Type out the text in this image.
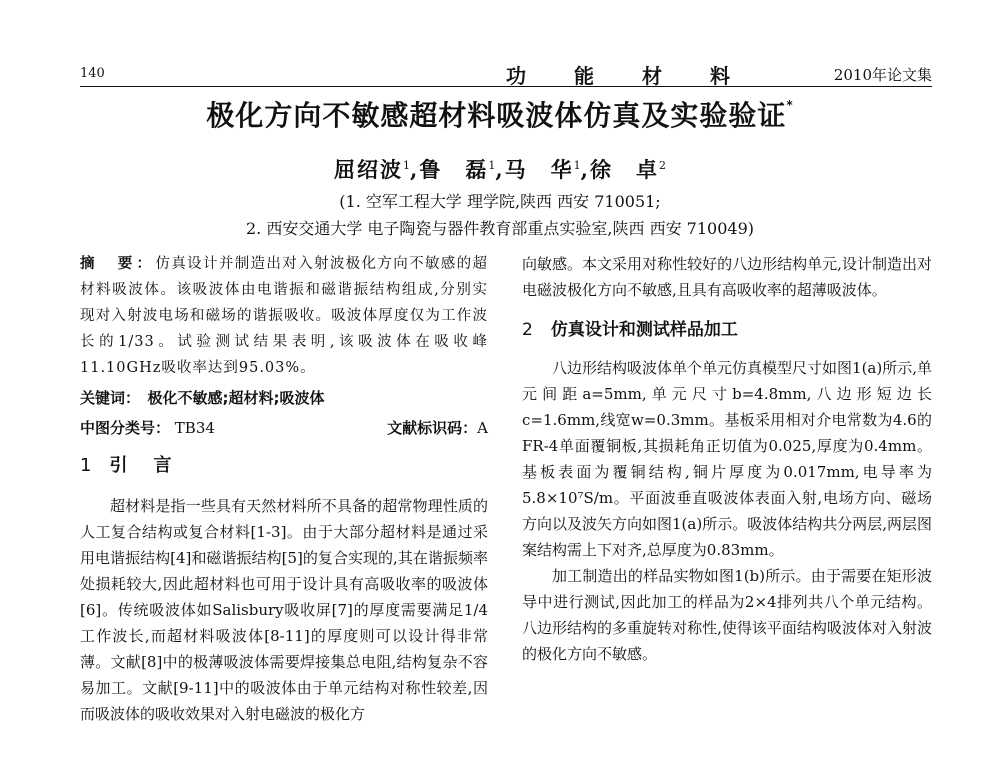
140	功能材料	2010年论文集
极化方向不敏感超材料吸波体仿真及实验验证*
屈绍波$^1$,鲁　磊$^1$,马　华$^1$,徐　卓$^2$
(1. 空军工程大学 理学院,陕西 西安 710051;
2. 西安交通大学 电子陶瓷与器件教育部重点实验室,陕西 西安 710049)

摘　要：仿真设计并制造出对入射波极化方向不敏感的超材料吸波体。该吸波体由电谐振和磁谐振结构组成,分别实现对入射波电场和磁场的谐振吸收。吸波体厚度仅为工作波长的1/33。试验测试结果表明,该吸波体在吸收峰11.10GHz吸收率达到95.03%。

关键词：　极化不敏感;超材料;吸波体

中图分类号： TB34	文献标识码：A
1 引　言

超材料是指一些具有天然材料所不具备的超常物理性质的人工复合结构或复合材料[1-3]。由于大部分超材料是通过采用电谐振结构[4]和磁谐振结构[5]的复合实现的,其在谐振频率处损耗较大,因此超材料也可用于设计具有高吸收率的吸波体[6]。传统吸波体如Salisbury吸收屏[7]的厚度需要满足1/4工作波长,而超材料吸波体[8-11]的厚度则可以设计得非常薄。文献[8]中的极薄吸波体需要焊接集总电阻,结构复杂不容易加工。文献[9-11]中的吸波体由于单元结构对称性较差,因而吸波体的吸收效果对入射电磁波的极化方

向敏感。本文采用对称性较好的八边形结构单元,设计制造出对电磁波极化方向不敏感,且具有高吸收率的超薄吸波体。

2 仿真设计和测试样品加工

八边形结构吸波体单个单元仿真模型尺寸如图1(a)所示,单元间距a=5mm,单元尺寸b=4.8mm,八边形短边长c=1.6mm,线宽w=0.3mm。基板采用相对介电常数为4.6的FR-4单面覆铜板,其损耗角正切值为0.025,厚度为0.4mm。基板表面为覆铜结构,铜片厚度为0.017mm,电导率为5.8×10⁷S/m。平面波垂直吸波体表面入射,电场方向、磁场方向以及波矢方向如图1(a)所示。吸波体结构共分两层,两层图案结构需上下对齐,总厚度为0.83mm。

加工制造出的样品实物如图1(b)所示。由于需要在矩形波导中进行测试,因此加工的样品为2×4排列共八个单元结构。八边形结构的多重旋转对称性,使得该平面结构吸波体对入射波的极化方向不敏感。
